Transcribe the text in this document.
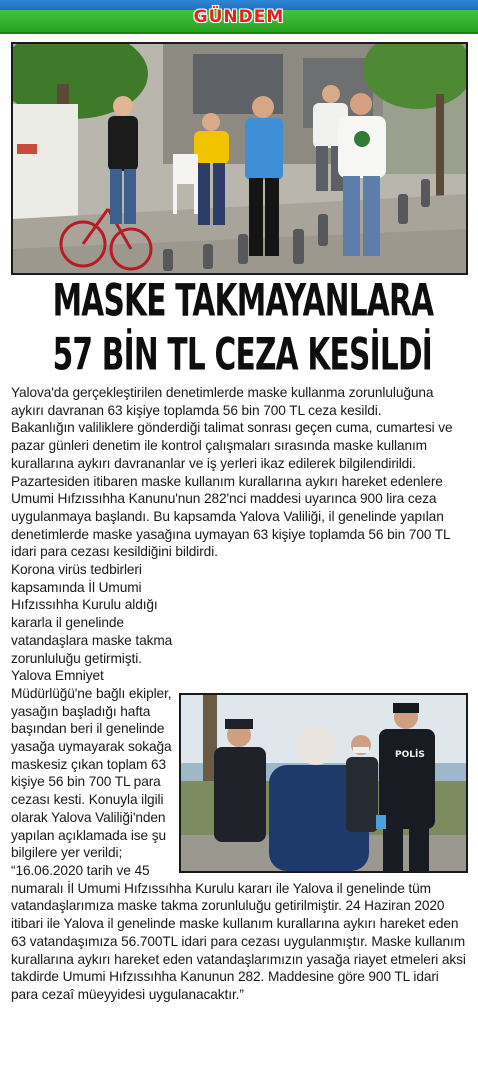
GÜNDEM
MASKE TAKMAYANLARA
57 BİN TL CEZA KESİLDİ
POLİS

Yalova'da gerçekleştirilen denetimlerde maske kullanma zorunluluğuna aykırı davranan 63 kişiye toplamda 56 bin 700 TL ceza kesildi.

Bakanlığın valiliklere gönderdiği talimat sonrası geçen cuma, cumartesi ve pazar günleri denetim ile kontrol çalışmaları sırasında maske kullanım kurallarına aykırı davrananlar ve iş yerleri ikaz edilerek bilgilendirildi. Pazartesiden itibaren maske kullanım kurallarına aykırı hareket edenlere Umumi Hıfzıssıhha Kanunu'nun 282'nci maddesi uyarınca 900 lira ceza uygulanmaya başlandı. Bu kapsamda Yalova Valiliği, il genelinde yapılan denetimlerde maske yasağına uymayan 63 kişiye toplamda 56 bin 700 TL idari para cezası kesildiğini bildirdi.

Korona virüs tedbirleri kapsamında İl Umumi Hıfzıssıhha Kurulu aldığı kararla il genelinde vatandaşlara maske takma zorunluluğu getirmişti. Yalova Emniyet Müdürlüğü'ne bağlı ekipler, yasağın başladığı hafta başından beri il genelinde yasağa uymayarak sokağa maskesiz çıkan toplam 63 kişiye 56 bin 700 TL para cezası kesti. Konuyla ilgili olarak Yalova Valiliği'nden yapılan açıklamada ise şu bilgilere yer verildi;

“16.06.2020 tarih ve 45 numaralı İl Umumi Hıfzıssıhha Kurulu kararı ile Yalova il genelinde tüm vatandaşlarımıza maske takma zorunluluğu getirilmiştir. 24 Haziran 2020 itibari ile Yalova il genelinde maske kullanım kurallarına aykırı hareket eden 63 vatandaşımıza 56.700TL idari para cezası uygulanmıştır. Maske kullanım kurallarına aykırı hareket eden vatandaşlarımızın yasağa riayet etmeleri aksi takdirde Umumi Hıfzıssıhha Kanunun 282. Maddesine göre 900 TL idari para cezaî müeyyidesi uygulanacaktır.”
